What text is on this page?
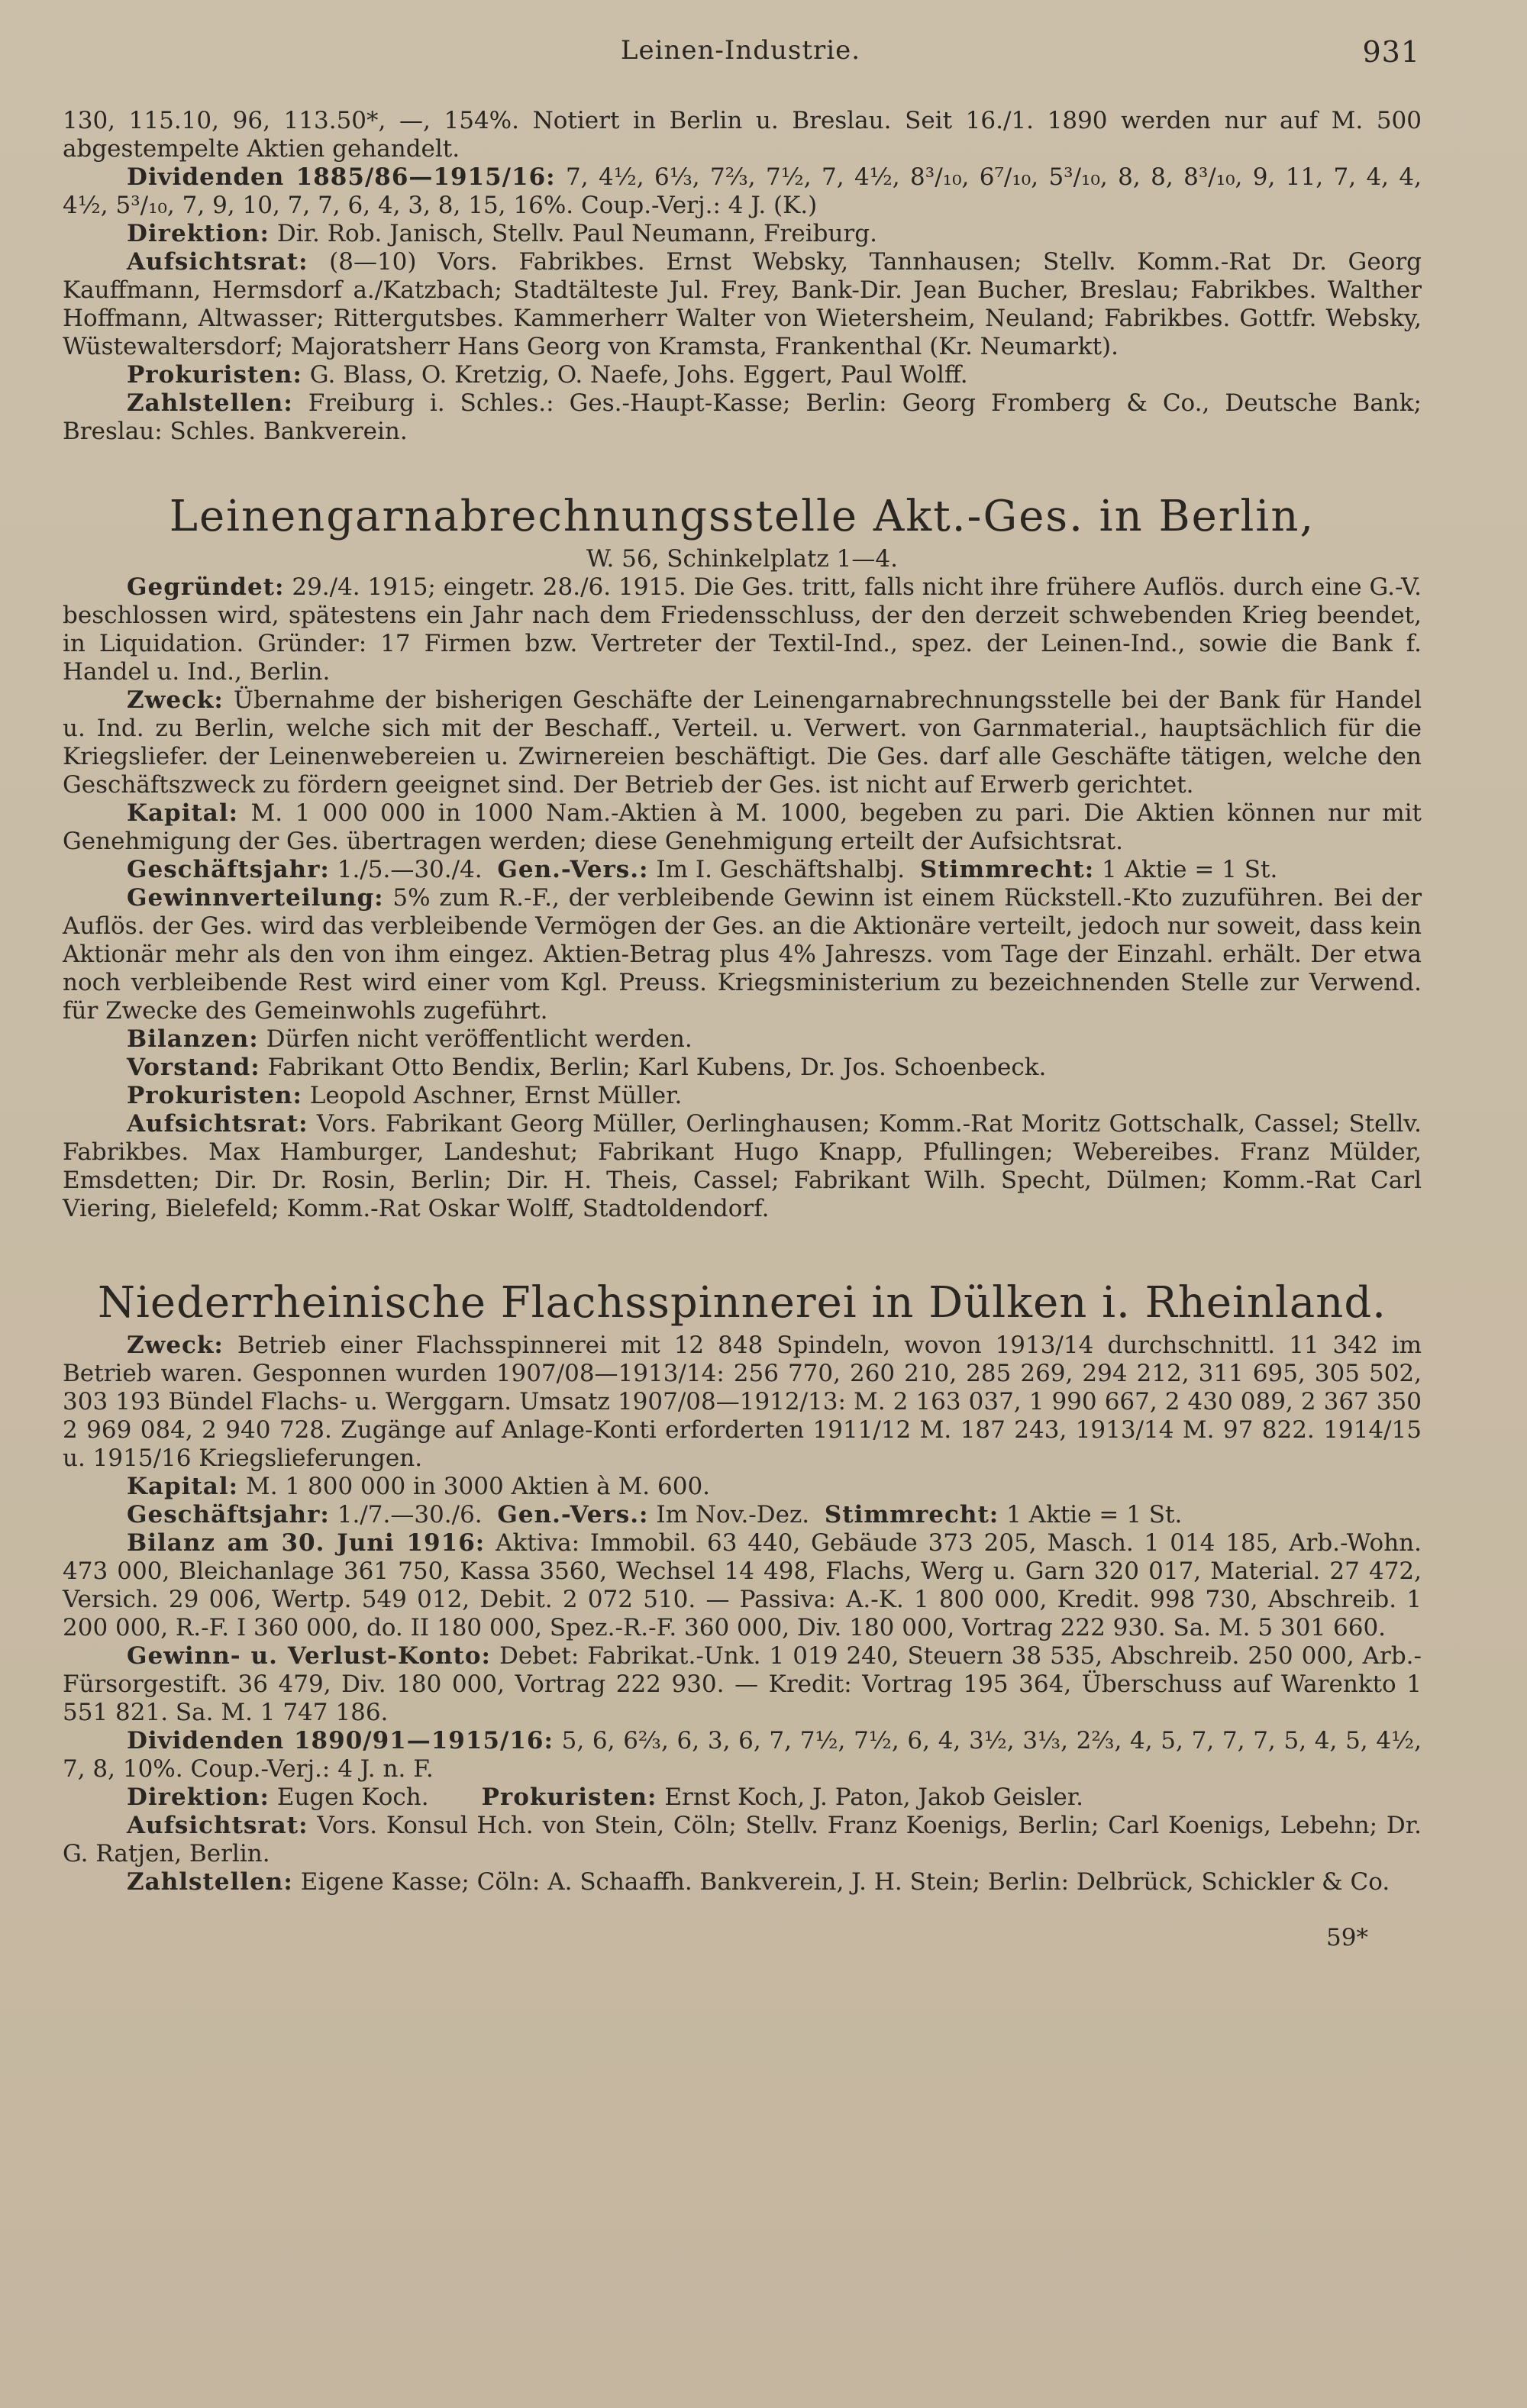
Leinen-Industrie.	931

130, 115.10, 96, 113.50*, —, 154%. Notiert in Berlin u. Breslau. Seit 16./1. 1890 werden nur auf M. 500 abgestempelte Aktien gehandelt.

Dividenden 1885/86—1915/16: 7, 4½, 6⅓, 7⅔, 7½, 7, 4½, 8³/₁₀, 6⁷/₁₀, 5³/₁₀, 8, 8, 8³/₁₀, 9, 11, 7, 4, 4, 4½, 5³/₁₀, 7, 9, 10, 7, 7, 6, 4, 3, 8, 15, 16%. Coup.-Verj.: 4 J. (K.)

Direktion: Dir. Rob. Janisch, Stellv. Paul Neumann, Freiburg.

Aufsichtsrat: (8—10) Vors. Fabrikbes. Ernst Websky, Tannhausen; Stellv. Komm.-Rat Dr. Georg Kauffmann, Hermsdorf a./Katzbach; Stadtälteste Jul. Frey, Bank-Dir. Jean Bucher, Breslau; Fabrikbes. Walther Hoffmann, Altwasser; Rittergutsbes. Kammerherr Walter von Wietersheim, Neuland; Fabrikbes. Gottfr. Websky, Wüstewaltersdorf; Majoratsherr Hans Georg von Kramsta, Frankenthal (Kr. Neumarkt).

Prokuristen: G. Blass, O. Kretzig, O. Naefe, Johs. Eggert, Paul Wolff.

Zahlstellen: Freiburg i. Schles.: Ges.-Haupt-Kasse; Berlin: Georg Fromberg & Co., Deutsche Bank; Breslau: Schles. Bankverein.

Leinengarnabrechnungsstelle Akt.-Ges. in Berlin,

W. 56, Schinkelplatz 1—4.

Gegründet: 29./4. 1915; eingetr. 28./6. 1915. Die Ges. tritt, falls nicht ihre frühere Auflös. durch eine G.-V. beschlossen wird, spätestens ein Jahr nach dem Friedensschluss, der den derzeit schwebenden Krieg beendet, in Liquidation. Gründer: 17 Firmen bzw. Vertreter der Textil-Ind., spez. der Leinen-Ind., sowie die Bank f. Handel u. Ind., Berlin.

Zweck: Übernahme der bisherigen Geschäfte der Leinengarnabrechnungsstelle bei der Bank für Handel u. Ind. zu Berlin, welche sich mit der Beschaff., Verteil. u. Verwert. von Garnmaterial., hauptsächlich für die Kriegsliefer. der Leinenwebereien u. Zwirnereien beschäftigt. Die Ges. darf alle Geschäfte tätigen, welche den Geschäftszweck zu fördern geeignet sind. Der Betrieb der Ges. ist nicht auf Erwerb gerichtet.

Kapital: M. 1 000 000 in 1000 Nam.-Aktien à M. 1000, begeben zu pari. Die Aktien können nur mit Genehmigung der Ges. übertragen werden; diese Genehmigung erteilt der Aufsichtsrat.

Geschäftsjahr: 1./5.—30./4. Gen.-Vers.: Im I. Geschäftshalbj. Stimmrecht: 1 Aktie = 1 St.

Gewinnverteilung: 5% zum R.-F., der verbleibende Gewinn ist einem Rückstell.-Kto zuzuführen. Bei der Auflös. der Ges. wird das verbleibende Vermögen der Ges. an die Aktionäre verteilt, jedoch nur soweit, dass kein Aktionär mehr als den von ihm eingez. Aktien-Betrag plus 4% Jahreszs. vom Tage der Einzahl. erhält. Der etwa noch verbleibende Rest wird einer vom Kgl. Preuss. Kriegsministerium zu bezeichnenden Stelle zur Verwend. für Zwecke des Gemeinwohls zugeführt.

Bilanzen: Dürfen nicht veröffentlicht werden.

Vorstand: Fabrikant Otto Bendix, Berlin; Karl Kubens, Dr. Jos. Schoenbeck.

Prokuristen: Leopold Aschner, Ernst Müller.

Aufsichtsrat: Vors. Fabrikant Georg Müller, Oerlinghausen; Komm.-Rat Moritz Gottschalk, Cassel; Stellv. Fabrikbes. Max Hamburger, Landeshut; Fabrikant Hugo Knapp, Pfullingen; Webereibes. Franz Mülder, Emsdetten; Dir. Dr. Rosin, Berlin; Dir. H. Theis, Cassel; Fabrikant Wilh. Specht, Dülmen; Komm.-Rat Carl Viering, Bielefeld; Komm.-Rat Oskar Wolff, Stadtoldendorf.

Niederrheinische Flachsspinnerei in Dülken i. Rheinland.

Zweck: Betrieb einer Flachsspinnerei mit 12 848 Spindeln, wovon 1913/14 durchschnittl. 11 342 im Betrieb waren. Gesponnen wurden 1907/08—1913/14: 256 770, 260 210, 285 269, 294 212, 311 695, 305 502, 303 193 Bündel Flachs- u. Werggarn. Umsatz 1907/08—1912/13: M. 2 163 037, 1 990 667, 2 430 089, 2 367 350 2 969 084, 2 940 728. Zugänge auf Anlage-Konti erforderten 1911/12 M. 187 243, 1913/14 M. 97 822. 1914/15 u. 1915/16 Kriegslieferungen.

Kapital: M. 1 800 000 in 3000 Aktien à M. 600.

Geschäftsjahr: 1./7.—30./6. Gen.-Vers.: Im Nov.-Dez. Stimmrecht: 1 Aktie = 1 St.

Bilanz am 30. Juni 1916: Aktiva: Immobil. 63 440, Gebäude 373 205, Masch. 1 014 185, Arb.-Wohn. 473 000, Bleichanlage 361 750, Kassa 3560, Wechsel 14 498, Flachs, Werg u. Garn 320 017, Material. 27 472, Versich. 29 006, Wertp. 549 012, Debit. 2 072 510. — Passiva: A.-K. 1 800 000, Kredit. 998 730, Abschreib. 1 200 000, R.-F. I 360 000, do. II 180 000, Spez.-R.-F. 360 000, Div. 180 000, Vortrag 222 930. Sa. M. 5 301 660.

Gewinn- u. Verlust-Konto: Debet: Fabrikat.-Unk. 1 019 240, Steuern 38 535, Abschreib. 250 000, Arb.-Fürsorgestift. 36 479, Div. 180 000, Vortrag 222 930. — Kredit: Vortrag 195 364, Überschuss auf Warenkto 1 551 821. Sa. M. 1 747 186.

Dividenden 1890/91—1915/16: 5, 6, 6⅔, 6, 3, 6, 7, 7½, 7½, 6, 4, 3½, 3⅓, 2⅔, 4, 5, 7, 7, 7, 5, 4, 5, 4½, 7, 8, 10%. Coup.-Verj.: 4 J. n. F.

Direktion: Eugen Koch. Prokuristen: Ernst Koch, J. Paton, Jakob Geisler.

Aufsichtsrat: Vors. Konsul Hch. von Stein, Cöln; Stellv. Franz Koenigs, Berlin; Carl Koenigs, Lebehn; Dr. G. Ratjen, Berlin.

Zahlstellen: Eigene Kasse; Cöln: A. Schaaffh. Bankverein, J. H. Stein; Berlin: Delbrück, Schickler & Co.

59*
